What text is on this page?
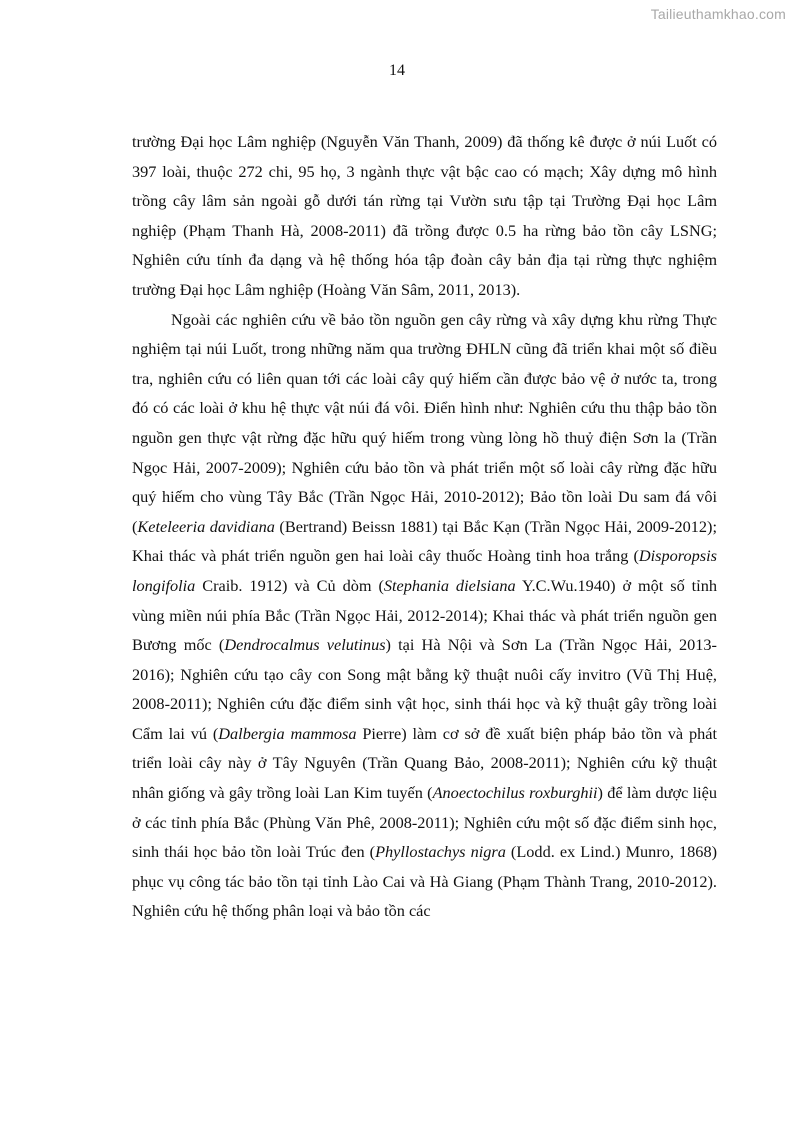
Tailieuthamkhao.com
14

trường Đại học Lâm nghiệp (Nguyễn Văn Thanh, 2009) đã thống kê được ở núi Luốt có 397 loài, thuộc 272 chi, 95 họ, 3 ngành thực vật bậc cao có mạch; Xây dựng mô hình trồng cây lâm sản ngoài gỗ dưới tán rừng tại Vườn sưu tập tại Trường Đại học Lâm nghiệp (Phạm Thanh Hà, 2008-2011) đã trồng được 0.5 ha rừng bảo tồn cây LSNG; Nghiên cứu tính đa dạng và hệ thống hóa tập đoàn cây bản địa tại rừng thực nghiệm trường Đại học Lâm nghiệp (Hoàng Văn Sâm, 2011, 2013).

Ngoài các nghiên cứu về bảo tồn nguồn gen cây rừng và xây dựng khu rừng Thực nghiệm tại núi Luốt, trong những năm qua trường ĐHLN cũng đã triển khai một số điều tra, nghiên cứu có liên quan tới các loài cây quý hiếm cần được bảo vệ ở nước ta, trong đó có các loài ở khu hệ thực vật núi đá vôi. Điển hình như: Nghiên cứu thu thập bảo tồn nguồn gen thực vật rừng đặc hữu quý hiếm trong vùng lòng hồ thuỷ điện Sơn la (Trần Ngọc Hải, 2007-2009); Nghiên cứu bảo tồn và phát triển một số loài cây rừng đặc hữu quý hiếm cho vùng Tây Bắc (Trần Ngọc Hải, 2010-2012); Bảo tồn loài Du sam đá vôi (Keteleeria davidiana (Bertrand) Beissn 1881) tại Bắc Kạn (Trần Ngọc Hải, 2009-2012); Khai thác và phát triển nguồn gen hai loài cây thuốc Hoàng tinh hoa trắng (Disporopsis longifolia Craib. 1912) và Củ dòm (Stephania dielsiana Y.C.Wu.1940) ở một số tỉnh vùng miền núi phía Bắc (Trần Ngọc Hải, 2012-2014); Khai thác và phát triển nguồn gen Bương mốc (Dendrocalmus velutinus) tại Hà Nội và Sơn La (Trần Ngọc Hải, 2013-2016); Nghiên cứu tạo cây con Song mật bằng kỹ thuật nuôi cấy invitro (Vũ Thị Huệ, 2008-2011); Nghiên cứu đặc điểm sinh vật học, sinh thái học và kỹ thuật gây trồng loài Cẩm lai vú (Dalbergia mammosa Pierre) làm cơ sở đề xuất biện pháp bảo tồn và phát triển loài cây này ở Tây Nguyên (Trần Quang Bảo, 2008-2011); Nghiên cứu kỹ thuật nhân giống và gây trồng loài Lan Kim tuyến (Anoectochilus roxburghii) để làm dược liệu ở các tỉnh phía Bắc (Phùng Văn Phê, 2008-2011); Nghiên cứu một số đặc điểm sinh học, sinh thái học bảo tồn loài Trúc đen (Phyllostachys nigra (Lodd. ex Lind.) Munro, 1868) phục vụ công tác bảo tồn tại tỉnh Lào Cai và Hà Giang (Phạm Thành Trang, 2010-2012). Nghiên cứu hệ thống phân loại và bảo tồn các
